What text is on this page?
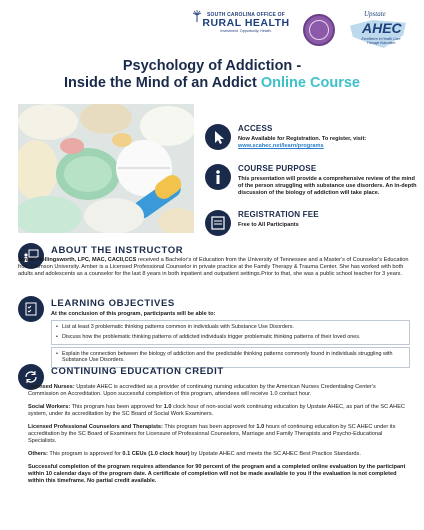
SOUTH CAROLINA OFFICE OF
RURAL HEALTH
Investment. Opportunity. Health.
Upstate
AHEC
Excellence in Health Care Through Education
Psychology of Addiction -
Inside the Mind of an Addict Online Course
ACCESS
Now Available for Registration. To register, visit:
www.scahec.net/learn/programs
COURSE PURPOSE
This presentation will provide a comprehensive review of the mind of the person struggling with substance use disorders. An in-depth discussion of the biology of addiction will take place.
REGISTRATION FEE
Free to All Participants
ABOUT THE INSTRUCTOR
Amber Hollingsworth, LPC, MAC, CACII,CCS received a Bachelor's of Education from the University of Tennessee and a Master's of Counselor's Education from Clemson University. Amber is a Licensed Professional Counselor in private practice at the Family Therapy & Trauma Center. She has worked with both adults and adolescents as a counselor for the last 8 years in both inpatient and outpatient settings.Prior to that, she was a public school teacher for 3 years.
LEARNING OBJECTIVES
At the conclusion of this program, participants will be able to:
• List at least 3 problematic thinking patterns common in individuals with Substance Use Disorders.
• Discuss how the problematic thinking patterns of addicted individuals trigger problematic thinking patterns of their loved ones.
• Explain the connection between the biology of addiction and the predictable thinking patterns commonly found in individuals struggling with Substance Use Disorders.
CONTINUING EDUCATION CREDIT

Licensed Nurses: Upstate AHEC is accredited as a provider of continuing nursing education by the American Nurses Credentialing Center's Commission on Accreditation. Upon successful completion of this program, attendees will receive 1.0 contact hour.

Social Workers: This program has been approved for 1.0 clock hour of non-social work continuing education by Upstate AHEC, as part of the SC AHEC system, under its accreditation by the SC Board of Social Work Examiners.

Licensed Professional Counselors and Therapists: This program has been approved for 1.0 hours of continuing education by SC AHEC under its accreditation by the SC Board of Examiners for Licensure of Professional Counselors, Marriage and Family Therapists and Psycho-Educational Specialists.

Others: This program is approved for 0.1 CEUs (1.0 clock hour) by Upstate AHEC and meets the SC AHEC Best Practice Standards.

Successful completion of the program requires attendance for 90 percent of the program and a completed online evaluation by the participant within 10 calendar days of the program date. A certificate of completion will not be made available to you if the evaluation is not completed within this timeframe. No partial credit available.
